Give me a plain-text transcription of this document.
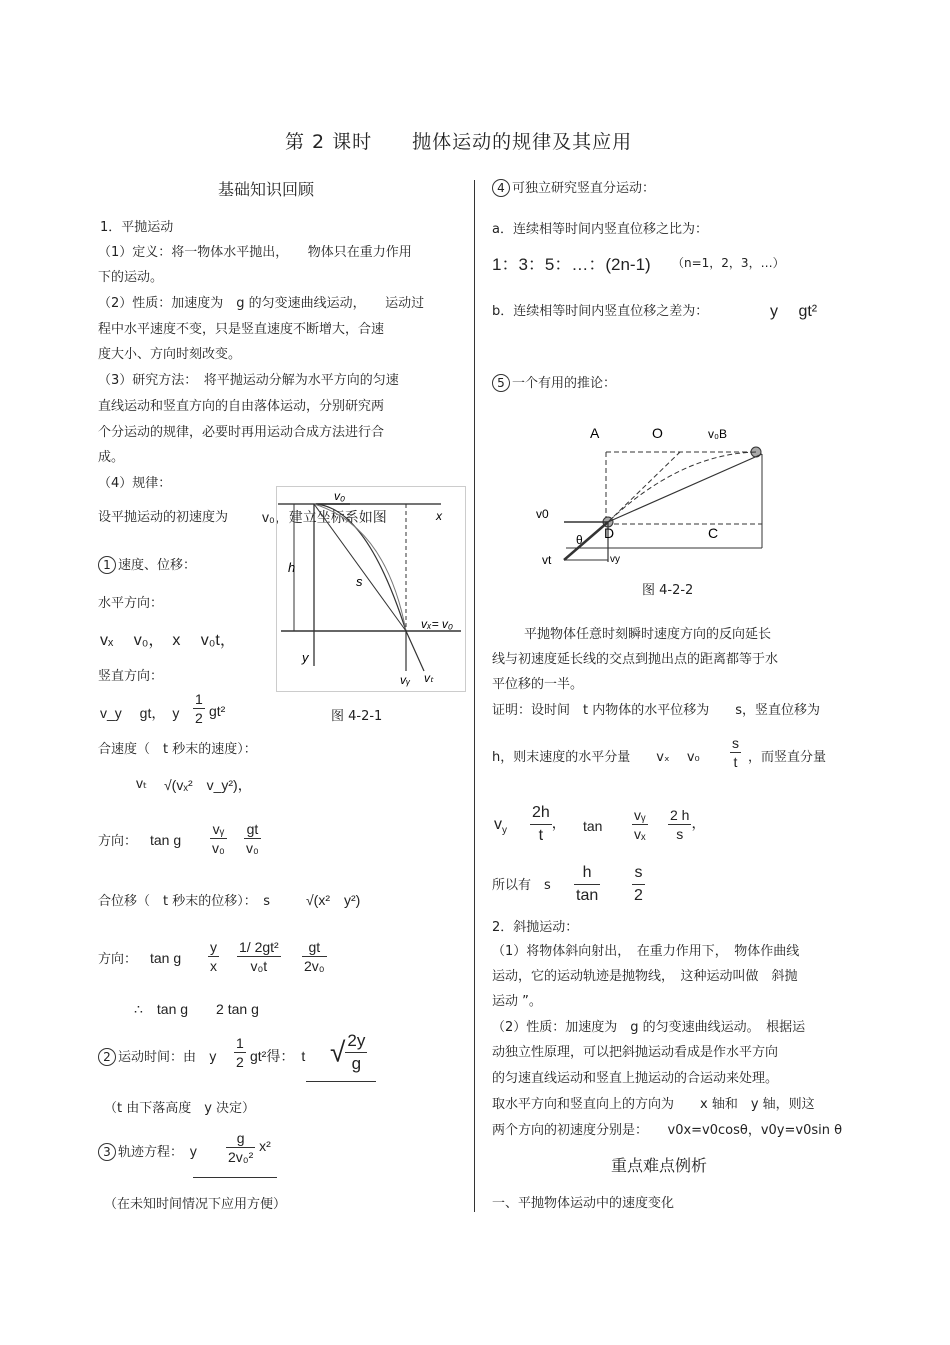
第 2 课时　　抛体运动的规律及其应用
基础知识回顾
1．平抛运动
（1）定义：将一物体水平抛出，　　物体只在重力作用
下的运动。
（2）性质：加速度为　g 的匀变速曲线运动，　　运动过
程中水平速度不变，只是竖直速度不断增大，合速
度大小、方向时刻改变。
（3）研究方法：　将平抛运动分解为水平方向的匀速
直线运动和竖直方向的自由落体运动，分别研究两
个分运动的规律，必要时再用运动合成方法进行合
成。
（4）规律：
设平抛运动的初速度为 v₀，建立坐标系如图
1 速度、位移：
水平方向：
vₓ　 v₀，　x　 v₀t，
竖直方向：
v_y　 gt，　y $\frac{1}{2} gt^2$
合速度（　t 秒末的速度）：
vₜ √(vₓ²　v_y²)，
方向： tan g $\frac{\text{vᵧ}}{\text{v₀}} \frac{gt}{\text{v₀}}$
合位移（　t 秒末的位移）：　s	√(x²　y²)
方向： tan g $\frac{y}{x} \frac{\text{1/ 2gt²}}{\text{v₀t}} \frac{gt}{\text{2v₀}}$
∴　tan g　　2 tan g
2 运动时间：由　y $\frac{1}{2} gt^2$得：　t √ $\frac{2y}{g}$
（t 由下落高度　y 决定）
3 轨迹方程：　y $\frac{g}{\text{2v₀²}} x^2$
（在未知时间情况下应用方便）
x
y
v₀
s
h
vᵧ vₜ
vₓ= v₀
图 4-2-1
4 可独立研究竖直分运动：
a．连续相等时间内竖直位移之比为：
1：3：5：…：(2n-1) （n=1，2，3，…）
b．连续相等时间内竖直位移之差为：	y　 gt²
5 一个有用的推论：
A	O	v₀B
v0
vt
θ D
vy
C
图 4-2-2
平抛物体任意时刻瞬时速度方向的反向延长
线与初速度延长线的交点到抛出点的距离都等于水
平位移的一半。
证明：设时间　t 内物体的水平位移为　　s，竖直位移为
h，则末速度的水平分量　　vₓ　 $v_0 \frac{s}{t}$ ，而竖直分量
$v_y \frac{2h}{t}$ ， $\tan \frac{\text{vᵧ}}{\text{vₓ}} \frac{2 h}{s}$ ，
所以有　s $\frac{h}{\tan} \frac{s}{2}$
2．斜抛运动：
（1）将物体斜向射出，　在重力作用下，　物体作曲线
运动，它的运动轨迹是抛物线，　这种运动叫做　斜抛
运动 ”。
（2）性质：加速度为　g 的匀变速曲线运动。　根据运
动独立性原理，可以把斜抛运动看成是作水平方向
的匀速直线运动和竖直上抛运动的合运动来处理。
取水平方向和竖直向上的方向为　　x 轴和　y 轴，则这
两个方向的初速度分别是：　　v0x=v0cosθ，v0y=v0sin θ
重点难点例析
一、平抛物体运动中的速度变化
